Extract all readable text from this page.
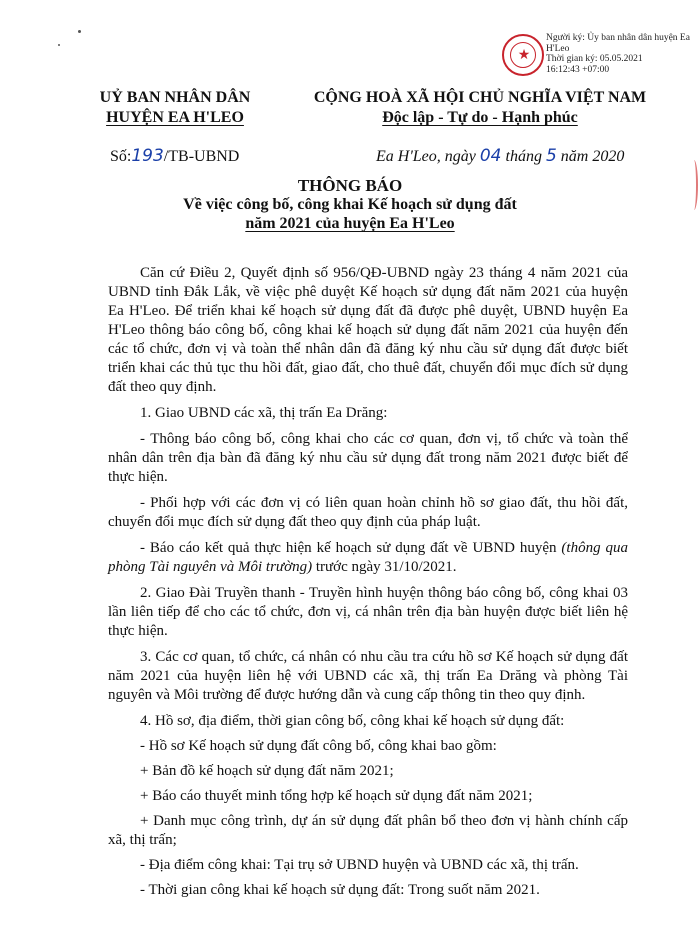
★
Người ký: Ủy ban nhân dân huyện Ea H'Leo
Thời gian ký: 05.05.2021 16:12:43 +07:00
UỶ BAN NHÂN DÂN
HUYỆN EA H'LEO
CỘNG HOÀ XÃ HỘI CHỦ NGHĨA VIỆT NAM
Độc lập - Tự do - Hạnh phúc
Số:193/TB-UBND	Ea H'Leo, ngày 04 tháng 5 năm 2020
THÔNG BÁO
Về việc công bố, công khai Kế hoạch sử dụng đất
năm 2021 của huyện Ea H'Leo

Căn cứ Điều 2, Quyết định số 956/QĐ-UBND ngày 23 tháng 4 năm 2021 của UBND tỉnh Đắk Lắk, về việc phê duyệt Kế hoạch sử dụng đất năm 2021 của huyện Ea H'Leo. Để triển khai kế hoạch sử dụng đất đã được phê duyệt, UBND huyện Ea H'Leo thông báo công bố, công khai kế hoạch sử dụng đất năm 2021 của huyện đến các tổ chức, đơn vị và toàn thể nhân dân đã đăng ký nhu cầu sử dụng đất được biết triển khai các thủ tục thu hồi đất, giao đất, cho thuê đất, chuyển đổi mục đích sử dụng đất theo quy định.

1. Giao UBND các xã, thị trấn Ea Drăng:

- Thông báo công bố, công khai cho các cơ quan, đơn vị, tổ chức và toàn thể nhân dân trên địa bàn đã đăng ký nhu cầu sử dụng đất trong năm 2021 được biết để thực hiện.

- Phối hợp với các đơn vị có liên quan hoàn chỉnh hồ sơ giao đất, thu hồi đất, chuyển đổi mục đích sử dụng đất theo quy định của pháp luật.

- Báo cáo kết quả thực hiện kế hoạch sử dụng đất về UBND huyện (thông qua phòng Tài nguyên và Môi trường) trước ngày 31/10/2021.

2. Giao Đài Truyền thanh - Truyền hình huyện thông báo công bố, công khai 03 lần liên tiếp để cho các tổ chức, đơn vị, cá nhân trên địa bàn huyện được biết liên hệ thực hiện.

3. Các cơ quan, tổ chức, cá nhân có nhu cầu tra cứu hồ sơ Kế hoạch sử dụng đất năm 2021 của huyện liên hệ với UBND các xã, thị trấn Ea Drăng và phòng Tài nguyên và Môi trường để được hướng dẫn và cung cấp thông tin theo quy định.

4. Hồ sơ, địa điểm, thời gian công bố, công khai kế hoạch sử dụng đất:

- Hồ sơ Kế hoạch sử dụng đất công bố, công khai bao gồm:

+ Bản đồ kế hoạch sử dụng đất năm 2021;

+ Báo cáo thuyết minh tổng hợp kế hoạch sử dụng đất năm 2021;

+ Danh mục công trình, dự án sử dụng đất phân bổ theo đơn vị hành chính cấp xã, thị trấn;

- Địa điểm công khai: Tại trụ sở UBND huyện và UBND các xã, thị trấn.

- Thời gian công khai kế hoạch sử dụng đất: Trong suốt năm 2021.
